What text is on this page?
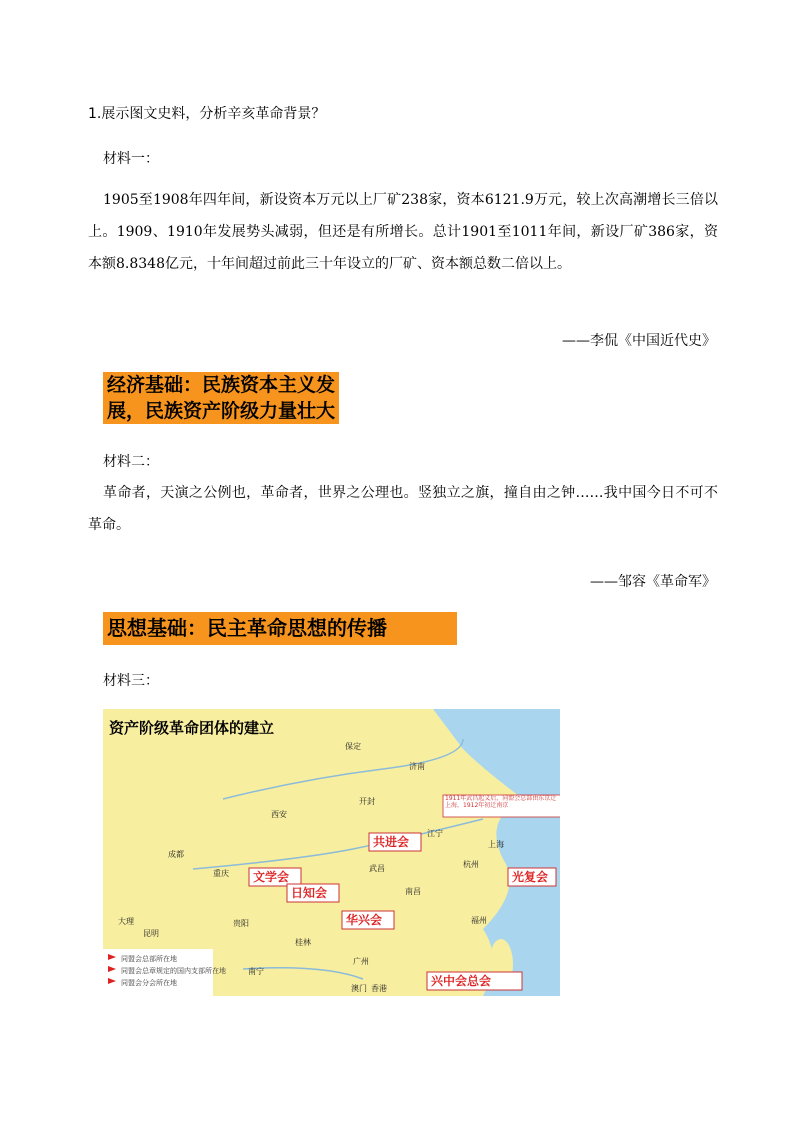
1.展示图文史料，分析辛亥革命背景？
材料一：
1905至1908年四年间，新设资本万元以上厂矿238家，资本6121.9万元，较上次高潮增长三倍以上。1909、1910年发展势头减弱，但还是有所增长。总计1901至1011年间，新设厂矿386家，资本额8.8348亿元，十年间超过前此三十年设立的厂矿、资本额总数二倍以上。
——李侃《中国近代史》
经济基础：民族资本主义发
展，民族资产阶级力量壮大
材料二：
革命者，天演之公例也，革命者，世界之公理也。竖独立之旗，撞自由之钟……我中国今日不可不革命。
——邹容《革命军》
思想基础：民主革命思想的传播
材料三：
资产阶级革命团体的建立
保定
济南
西安
开封
成都
重庆
武昌
南昌
江宁
上海
杭州
福州
贵阳
桂林
广州
昆明
大理
南宁
香港
澳门
共进会
文学会
日知会
华兴会
光复会
兴中会总会
1911年武昌起义后，同盟会总部由东京迁上海，1912年初迁南京
同盟会总部所在地
同盟会总章规定的国内支部所在地
同盟会分会所在地
